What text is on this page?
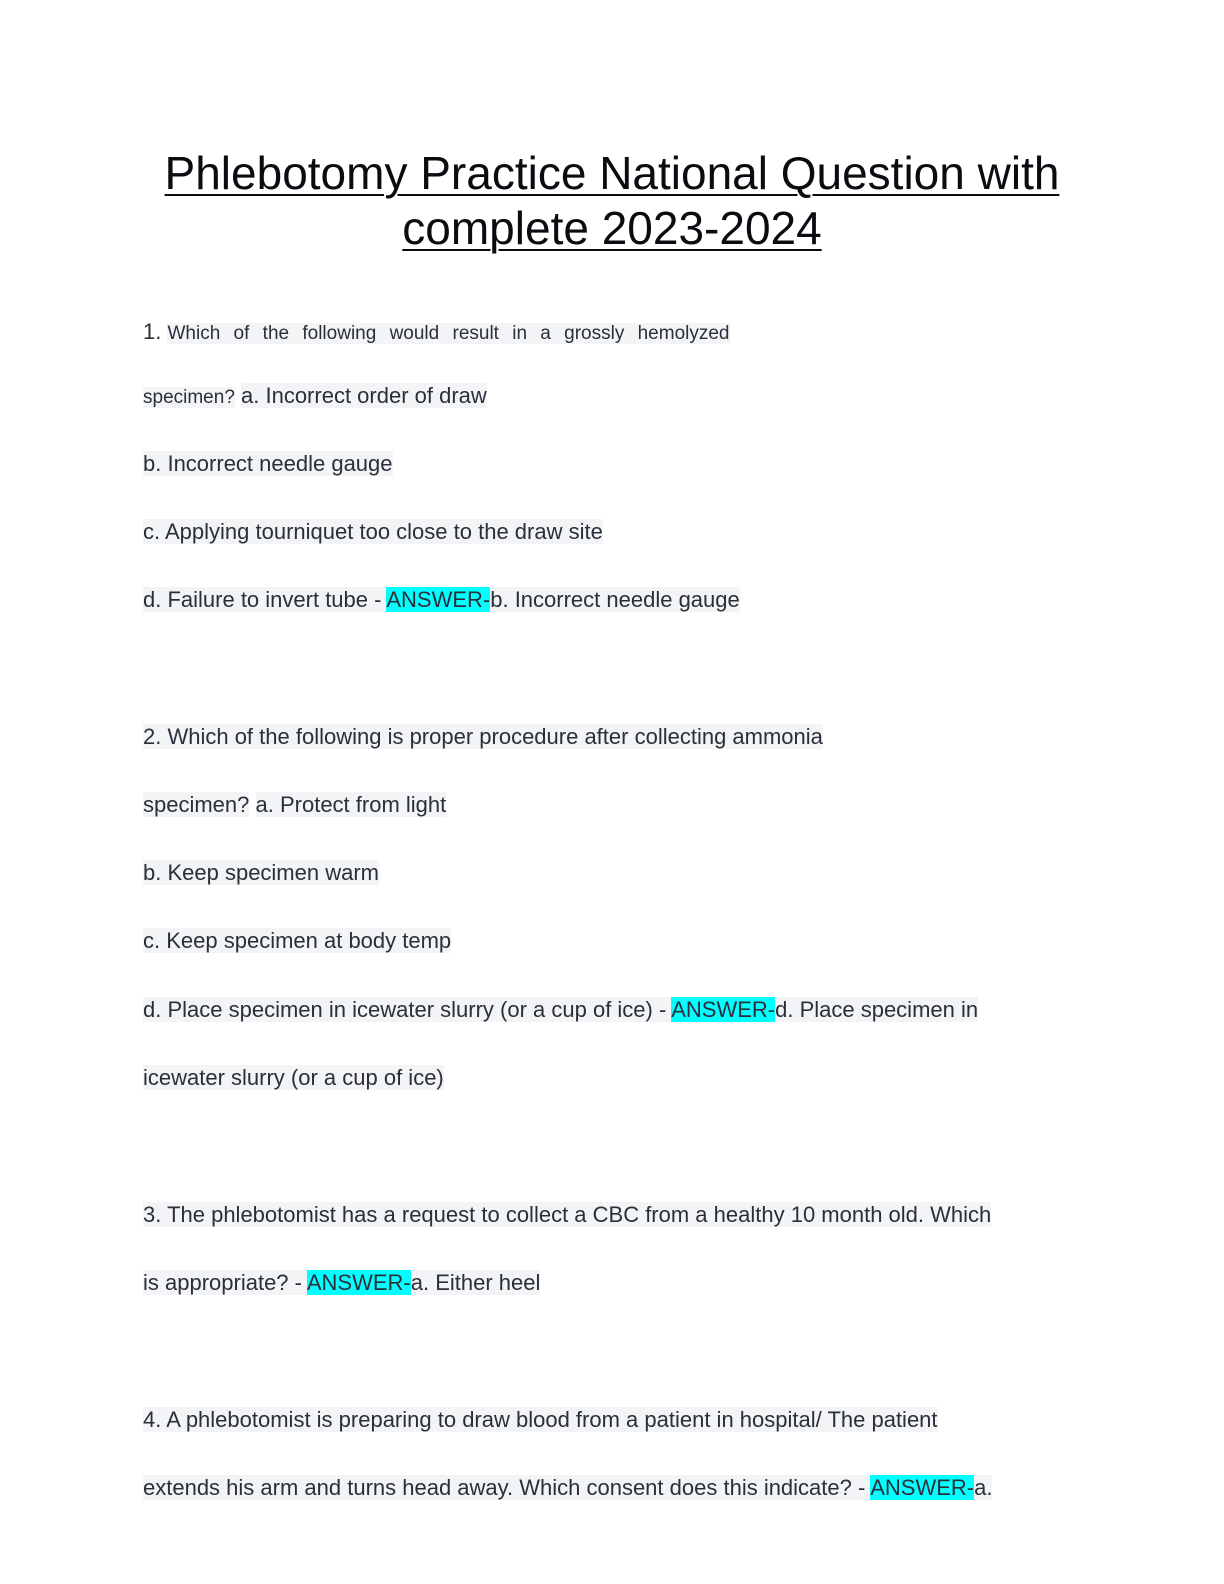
Phlebotomy Practice National Question with
complete 2023-2024
1. Which of the following would result in a grossly hemolyzed
specimen? a. Incorrect order of draw
b. Incorrect needle gauge
c. Applying tourniquet too close to the draw site
d. Failure to invert tube - ANSWER-b. Incorrect needle gauge
2. Which of the following is proper procedure after collecting ammonia
specimen? a. Protect from light
b. Keep specimen warm
c. Keep specimen at body temp
d. Place specimen in icewater slurry (or a cup of ice) - ANSWER-d. Place specimen in
icewater slurry (or a cup of ice)
3. The phlebotomist has a request to collect a CBC from a healthy 10 month old. Which
is appropriate? - ANSWER-a. Either heel
4. A phlebotomist is preparing to draw blood from a patient in hospital/ The patient
extends his arm and turns head away. Which consent does this indicate? - ANSWER-a.
